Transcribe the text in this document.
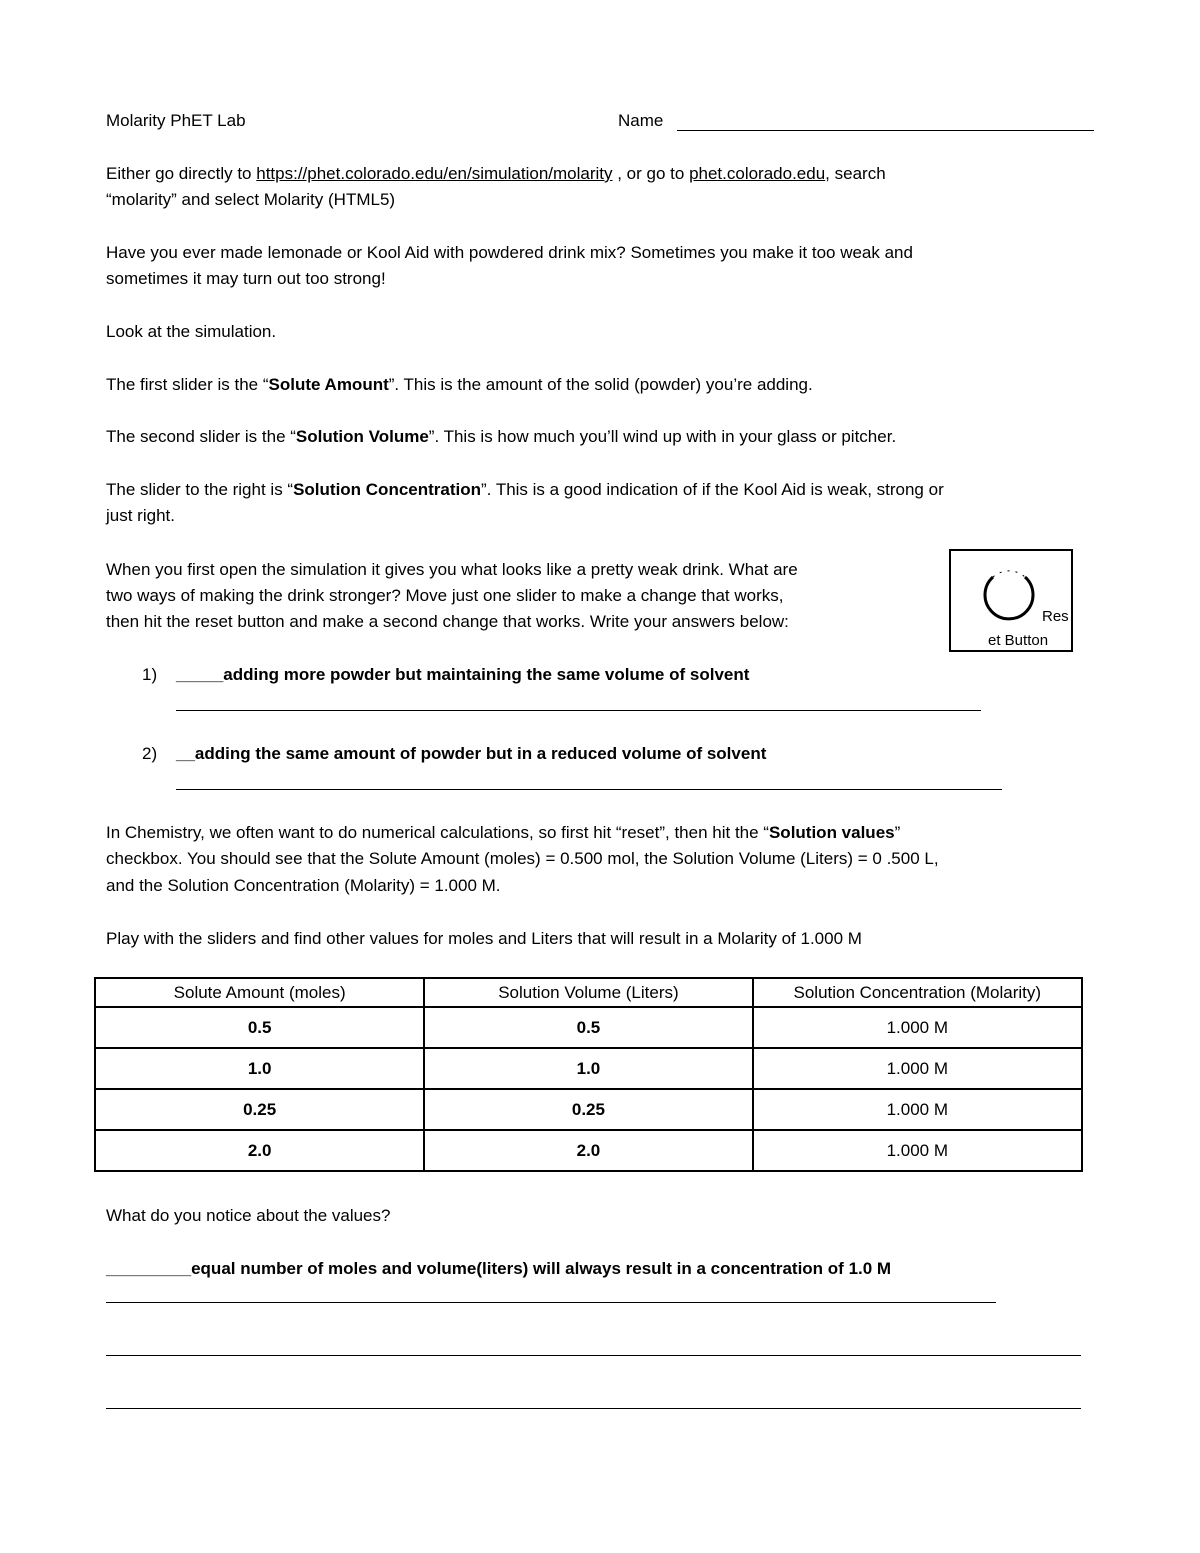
Molarity PhET Lab	Name
Either go directly to https://phet.colorado.edu/en/simulation/molarity , or go to phet.colorado.edu, search
“molarity” and select Molarity (HTML5)
Have you ever made lemonade or Kool Aid with powdered drink mix? Sometimes you make it too weak and
sometimes it may turn out too strong!
Look at the simulation.
The first slider is the “Solute Amount”. This is the amount of the solid (powder) you’re adding.
The second slider is the “Solution Volume”. This is how much you’ll wind up with in your glass or pitcher.
The slider to the right is “Solution Concentration”. This is a good indication of if the Kool Aid is weak, strong or
just right.
When you first open the simulation it gives you what looks like a pretty weak drink. What are
two ways of making the drink stronger? Move just one slider to make a change that works,
then hit the reset button and make a second change that works. Write your answers below:	Res
et Button
1) _____adding more powder but maintaining the same volume of solvent
2) __adding the same amount of powder but in a reduced volume of solvent
In Chemistry, we often want to do numerical calculations, so first hit “reset”, then hit the “Solution values”
checkbox. You should see that the Solute Amount (moles) = 0.500 mol, the Solution Volume (Liters) = 0 .500 L,
and the Solution Concentration (Molarity) = 1.000 M.
Play with the sliders and find other values for moles and Liters that will result in a Molarity of 1.000 M
Solute Amount (moles)	Solution Volume (Liters)	Solution Concentration (Molarity)
0.5	0.5	1.000 M
1.0	1.0	1.000 M
0.25	0.25	1.000 M
2.0	2.0	1.000 M
What do you notice about the values?
_________equal number of moles and volume(liters) will always result in a concentration of 1.0 M
